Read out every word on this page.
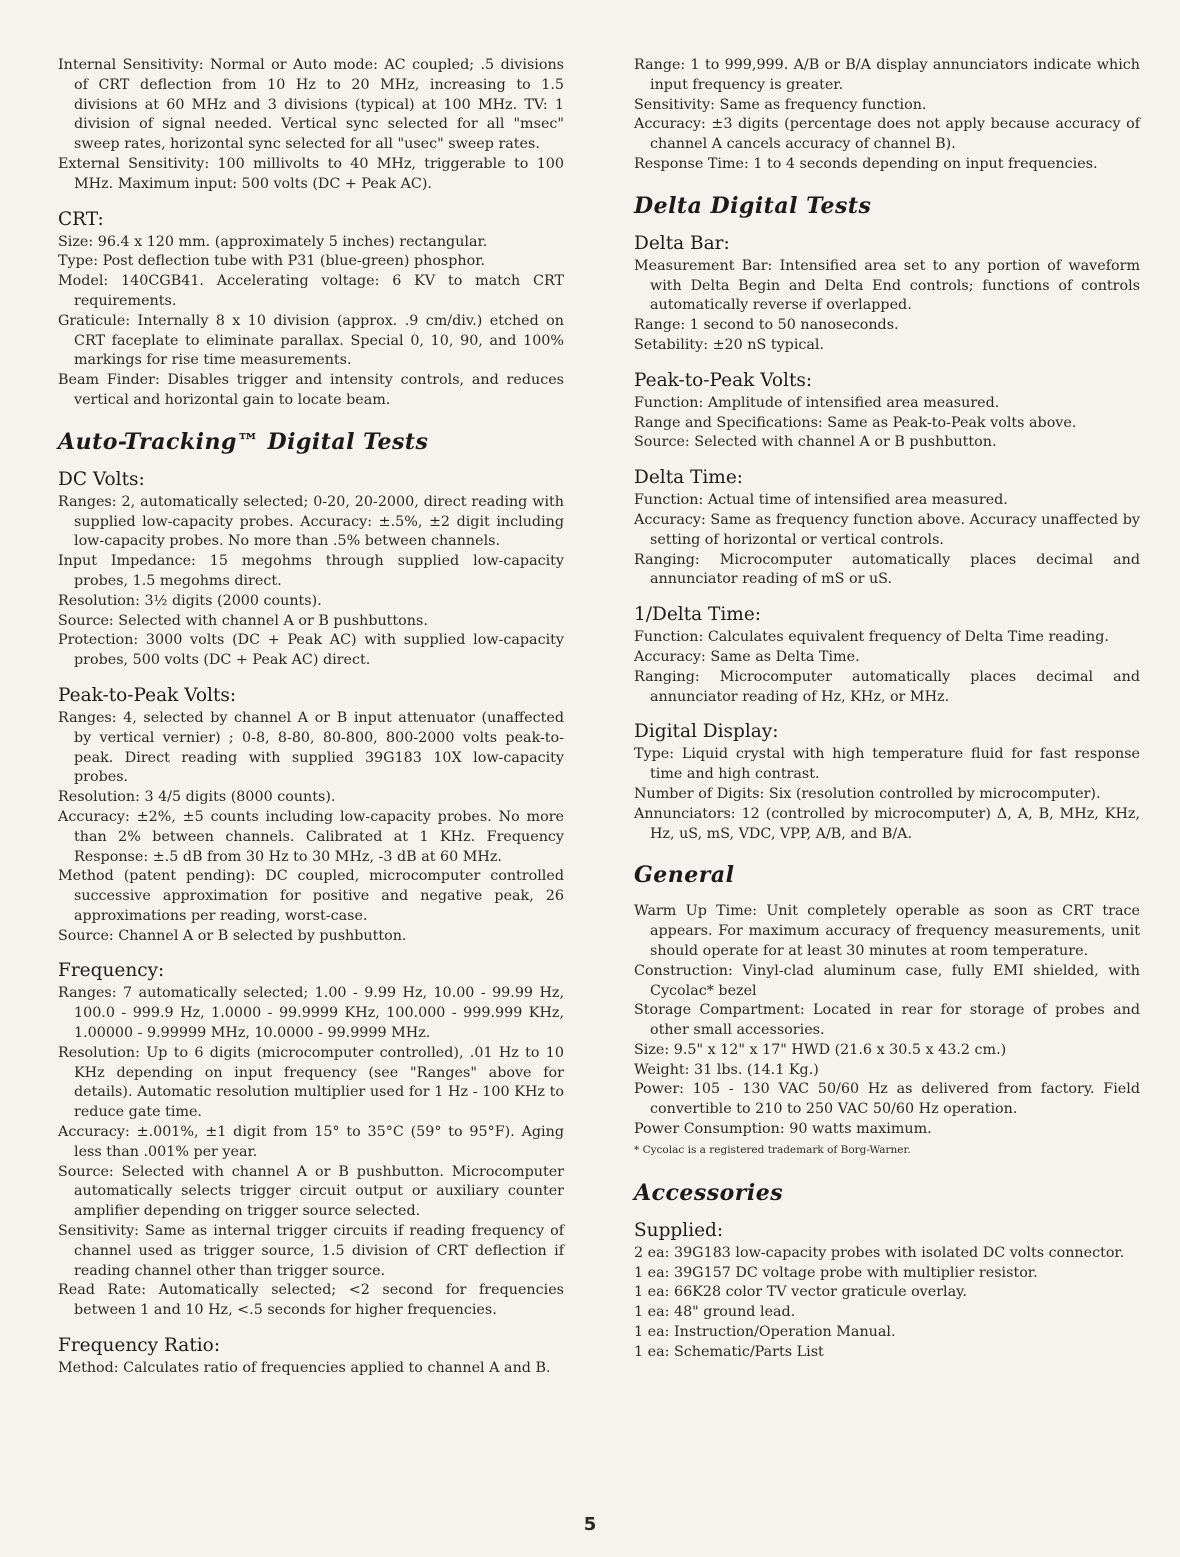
Internal Sensitivity: Normal or Auto mode: AC coupled; .5 divisions of CRT deflection from 10 Hz to 20 MHz, increasing to 1.5 divisions at 60 MHz and 3 divisions (typical) at 100 MHz. TV: 1 division of signal needed. Vertical sync selected for all "msec" sweep rates, horizontal sync selected for all "usec" sweep rates.

External Sensitivity: 100 millivolts to 40 MHz, triggerable to 100 MHz. Maximum input: 500 volts (DC + Peak AC).

CRT:

Size: 96.4 x 120 mm. (approximately 5 inches) rectangular.

Type: Post deflection tube with P31 (blue-green) phosphor.

Model: 140CGB41. Accelerating voltage: 6 KV to match CRT requirements.

Graticule: Internally 8 x 10 division (approx. .9 cm/div.) etched on CRT faceplate to eliminate parallax. Special 0, 10, 90, and 100% markings for rise time measurements.

Beam Finder: Disables trigger and intensity controls, and reduces vertical and horizontal gain to locate beam.

Auto-Tracking™ Digital Tests
DC Volts:

Ranges: 2, automatically selected; 0-20, 20-2000, direct reading with supplied low-capacity probes. Accuracy: ±.5%, ±2 digit including low-capacity probes. No more than .5% between channels.

Input Impedance: 15 megohms through supplied low-capacity probes, 1.5 megohms direct.

Resolution: 3½ digits (2000 counts).

Source: Selected with channel A or B pushbuttons.

Protection: 3000 volts (DC + Peak AC) with supplied low-capacity probes, 500 volts (DC + Peak AC) direct.

Peak-to-Peak Volts:

Ranges: 4, selected by channel A or B input attenuator (unaffected by vertical vernier) ; 0-8, 8-80, 80-800, 800-2000 volts peak-to-peak. Direct reading with supplied 39G183 10X low-capacity probes.

Resolution: 3 4/5 digits (8000 counts).

Accuracy: ±2%, ±5 counts including low-capacity probes. No more than 2% between channels. Calibrated at 1 KHz. Frequency Response: ±.5 dB from 30 Hz to 30 MHz, -3 dB at 60 MHz.

Method (patent pending): DC coupled, microcomputer controlled successive approximation for positive and negative peak, 26 approximations per reading, worst-case.

Source: Channel A or B selected by pushbutton.

Frequency:

Ranges: 7 automatically selected; 1.00 - 9.99 Hz, 10.00 - 99.99 Hz, 100.0 - 999.9 Hz, 1.0000 - 99.9999 KHz, 100.000 - 999.999 KHz, 1.00000 - 9.99999 MHz, 10.0000 - 99.9999 MHz.

Resolution: Up to 6 digits (microcomputer controlled), .01 Hz to 10 KHz depending on input frequency (see "Ranges" above for details). Automatic resolution multiplier used for 1 Hz - 100 KHz to reduce gate time.

Accuracy: ±.001%, ±1 digit from 15° to 35°C (59° to 95°F). Aging less than .001% per year.

Source: Selected with channel A or B pushbutton. Microcomputer automatically selects trigger circuit output or auxiliary counter amplifier depending on trigger source selected.

Sensitivity: Same as internal trigger circuits if reading frequency of channel used as trigger source, 1.5 division of CRT deflection if reading channel other than trigger source.

Read Rate: Automatically selected; <2 second for frequencies between 1 and 10 Hz, <.5 seconds for higher frequencies.

Frequency Ratio:

Method: Calculates ratio of frequencies applied to channel A and B.

Range: 1 to 999,999. A/B or B/A display annunciators indicate which input frequency is greater.

Sensitivity: Same as frequency function.

Accuracy: ±3 digits (percentage does not apply because accuracy of channel A cancels accuracy of channel B).

Response Time: 1 to 4 seconds depending on input frequencies.

Delta Digital Tests
Delta Bar:

Measurement Bar: Intensified area set to any portion of waveform with Delta Begin and Delta End controls; functions of controls automatically reverse if overlapped.

Range: 1 second to 50 nanoseconds.

Setability: ±20 nS typical.

Peak-to-Peak Volts:

Function: Amplitude of intensified area measured.

Range and Specifications: Same as Peak-to-Peak volts above.

Source: Selected with channel A or B pushbutton.

Delta Time:

Function: Actual time of intensified area measured.

Accuracy: Same as frequency function above. Accuracy unaffected by setting of horizontal or vertical controls.

Ranging: Microcomputer automatically places decimal and annunciator reading of mS or uS.

1/Delta Time:

Function: Calculates equivalent frequency of Delta Time reading.

Accuracy: Same as Delta Time.

Ranging: Microcomputer automatically places decimal and annunciator reading of Hz, KHz, or MHz.

Digital Display:

Type: Liquid crystal with high temperature fluid for fast response time and high contrast.

Number of Digits: Six (resolution controlled by microcomputer).

Annunciators: 12 (controlled by microcomputer) Δ, A, B, MHz, KHz, Hz, uS, mS, VDC, VPP, A/B, and B/A.

General

Warm Up Time: Unit completely operable as soon as CRT trace appears. For maximum accuracy of frequency measurements, unit should operate for at least 30 minutes at room temperature.

Construction: Vinyl-clad aluminum case, fully EMI shielded, with Cycolac* bezel

Storage Compartment: Located in rear for storage of probes and other small accessories.

Size: 9.5" x 12" x 17" HWD (21.6 x 30.5 x 43.2 cm.)

Weight: 31 lbs. (14.1 Kg.)

Power: 105 - 130 VAC 50/60 Hz as delivered from factory. Field convertible to 210 to 250 VAC 50/60 Hz operation.

Power Consumption: 90 watts maximum.

* Cycolac is a registered trademark of Borg-Warner.

Accessories
Supplied:

2 ea: 39G183 low-capacity probes with isolated DC volts connector.

1 ea: 39G157 DC voltage probe with multiplier resistor.

1 ea: 66K28 color TV vector graticule overlay.

1 ea: 48" ground lead.

1 ea: Instruction/Operation Manual.

1 ea: Schematic/Parts List

5
